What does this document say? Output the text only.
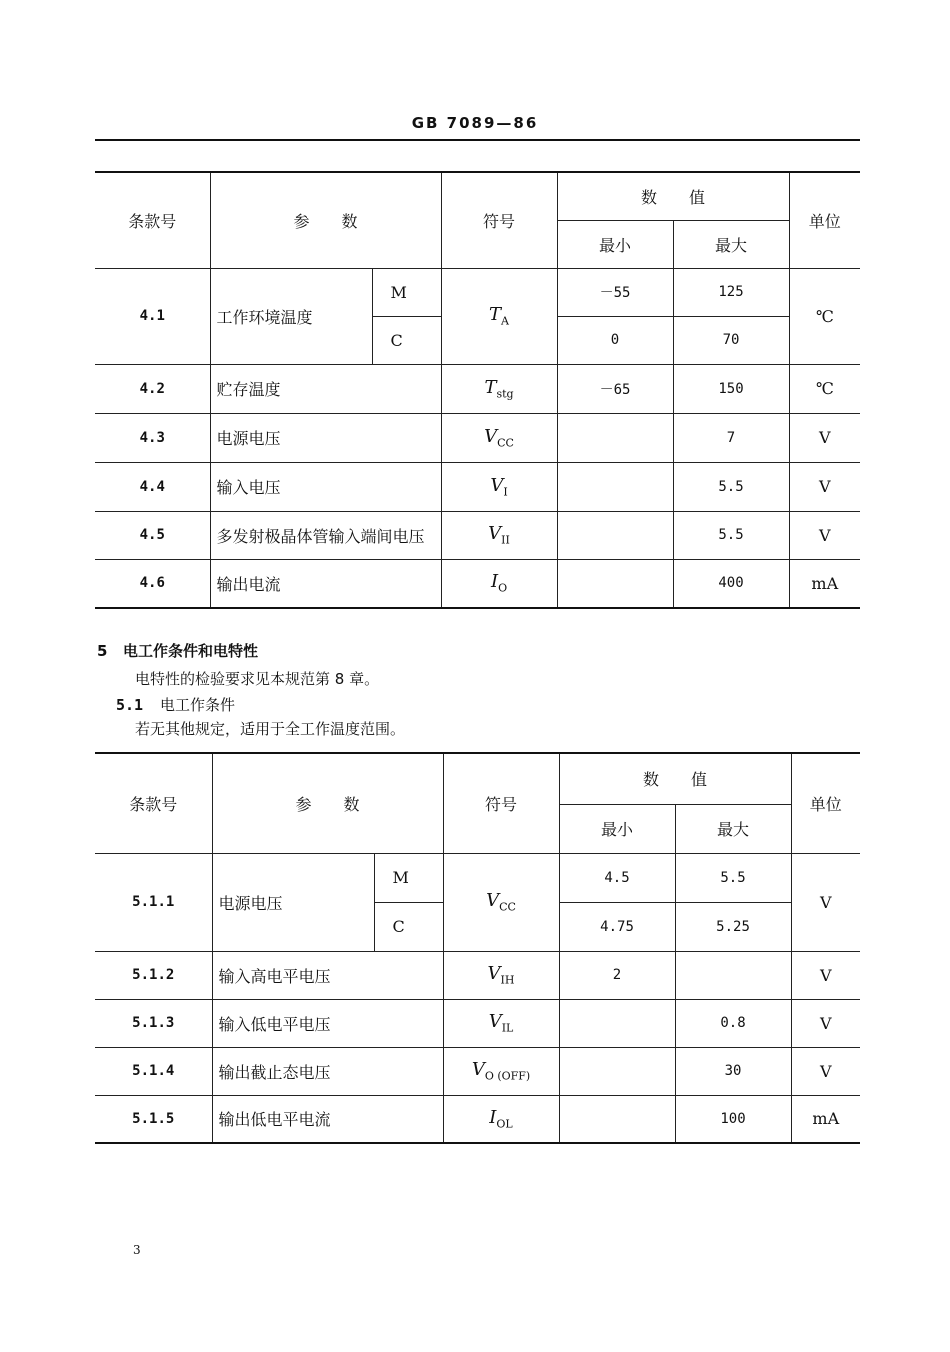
GB 7089—86
条款号	参　　数		符号	数　　值		单位
				最小	最大	
4.1	工作环境温度	M	$T_A$	－55	125	℃
		C		0	70	
4.2	贮存温度		$T_{stg}$	－65	150	℃
4.3	电源电压		$V_{CC}$		7	V
4.4	输入电压		$V_I$		5.5	V
4.5	多发射极晶体管输入端间电压		$V_{II}$		5.5	V
4.6	输出电流		$I_O$		400	mA
5 电工作条件和电特性
电特性的检验要求见本规范第 8 章。
5.1 电工作条件
若无其他规定，适用于全工作温度范围。
条款号	参　　数		符号	数　　值		单位
				最小	最大	
5.1.1	电源电压	M	$V_{CC}$	4.5	5.5	V
		C		4.75	5.25	
5.1.2	输入高电平电压		$V_{IH}$	2		V
5.1.3	输入低电平电压		$V_{IL}$		0.8	V
5.1.4	输出截止态电压		$V_{O (OFF)}$		30	V
5.1.5	输出低电平电流		$I_{OL}$		100	mA
3
